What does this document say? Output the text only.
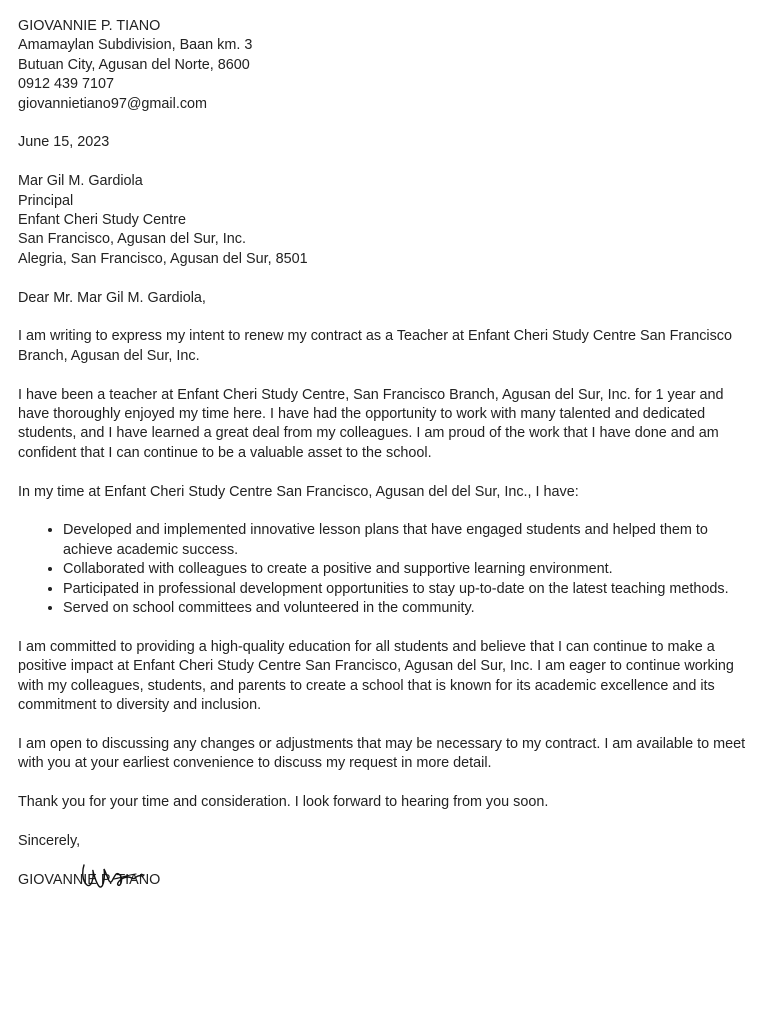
GIOVANNIE P. TIANO
Amamaylan Subdivision, Baan km. 3
Butuan City, Agusan del Norte, 8600
0912 439 7107
giovannietiano97@gmail.com
June 15, 2023
Mar Gil M. Gardiola
Principal
Enfant Cheri Study Centre
San Francisco, Agusan del Sur, Inc.
Alegria, San Francisco, Agusan del Sur, 8501
Dear Mr. Mar Gil M. Gardiola,

I am writing to express my intent to renew my contract as a Teacher at Enfant Cheri Study Centre San Francisco Branch, Agusan del Sur, Inc.

I have been a teacher at Enfant Cheri Study Centre, San Francisco Branch, Agusan del Sur, Inc. for 1 year and have thoroughly enjoyed my time here. I have had the opportunity to work with many talented and dedicated students, and I have learned a great deal from my colleagues. I am proud of the work that I have done and am confident that I can continue to be a valuable asset to the school.

In my time at Enfant Cheri Study Centre San Francisco, Agusan del del Sur, Inc., I have:

• Developed and implemented innovative lesson plans that have engaged students and helped them to achieve academic success.
• Collaborated with colleagues to create a positive and supportive learning environment.
• Participated in professional development opportunities to stay up-to-date on the latest teaching methods.
• Served on school committees and volunteered in the community.

I am committed to providing a high-quality education for all students and believe that I can continue to make a positive impact at Enfant Cheri Study Centre San Francisco, Agusan del Sur, Inc. I am eager to continue working with my colleagues, students, and parents to create a school that is known for its academic excellence and its commitment to diversity and inclusion.

I am open to discussing any changes or adjustments that may be necessary to my contract. I am available to meet with you at your earliest convenience to discuss my request in more detail.

Thank you for your time and consideration. I look forward to hearing from you soon.

Sincerely,
GIOVANNIE P. TIANO
